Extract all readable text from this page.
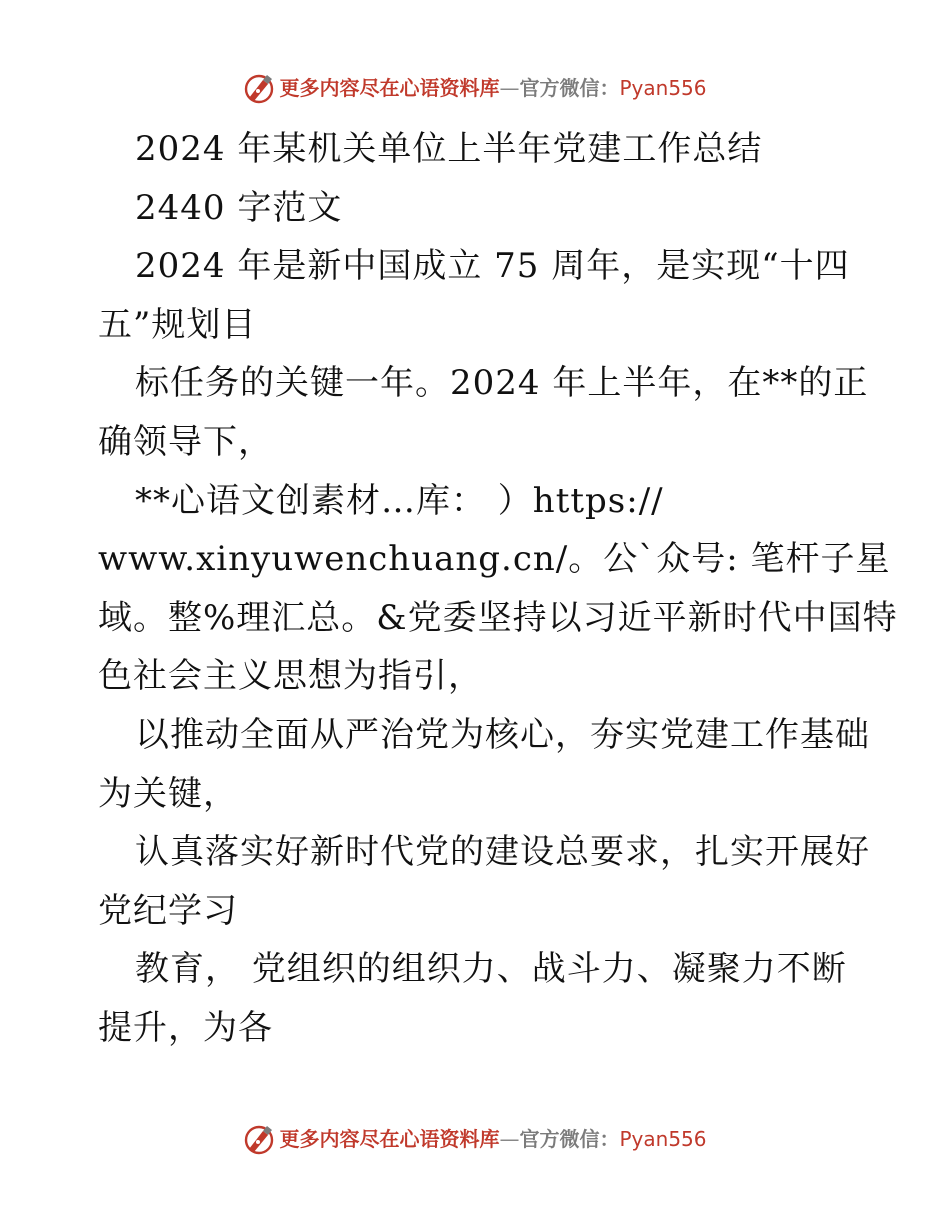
更多内容尽在心语资料库 — 官方微信： Pyan556
2024 年某机关单位上半年党建工作总结
2440 字范文
2024 年是新中国成立 75 周年，是实现“十四
五”规划目
标任务的关键一年。2024 年上半年，在**的正
确领导下，
**心语文创素材…库： ）https://
www.xinyuwenchuang.cn/。公`众号: 笔杆子星
域。整%理汇总。&党委坚持以习近平新时代中国特
色社会主义思想为指引，
以推动全面从严治党为核心，夯实党建工作基础
为关键，
认真落实好新时代党的建设总要求，扎实开展好
党纪学习
教育， 党组织的组织力、战斗力、凝聚力不断
提升，为各
更多内容尽在心语资料库 — 官方微信： Pyan556
